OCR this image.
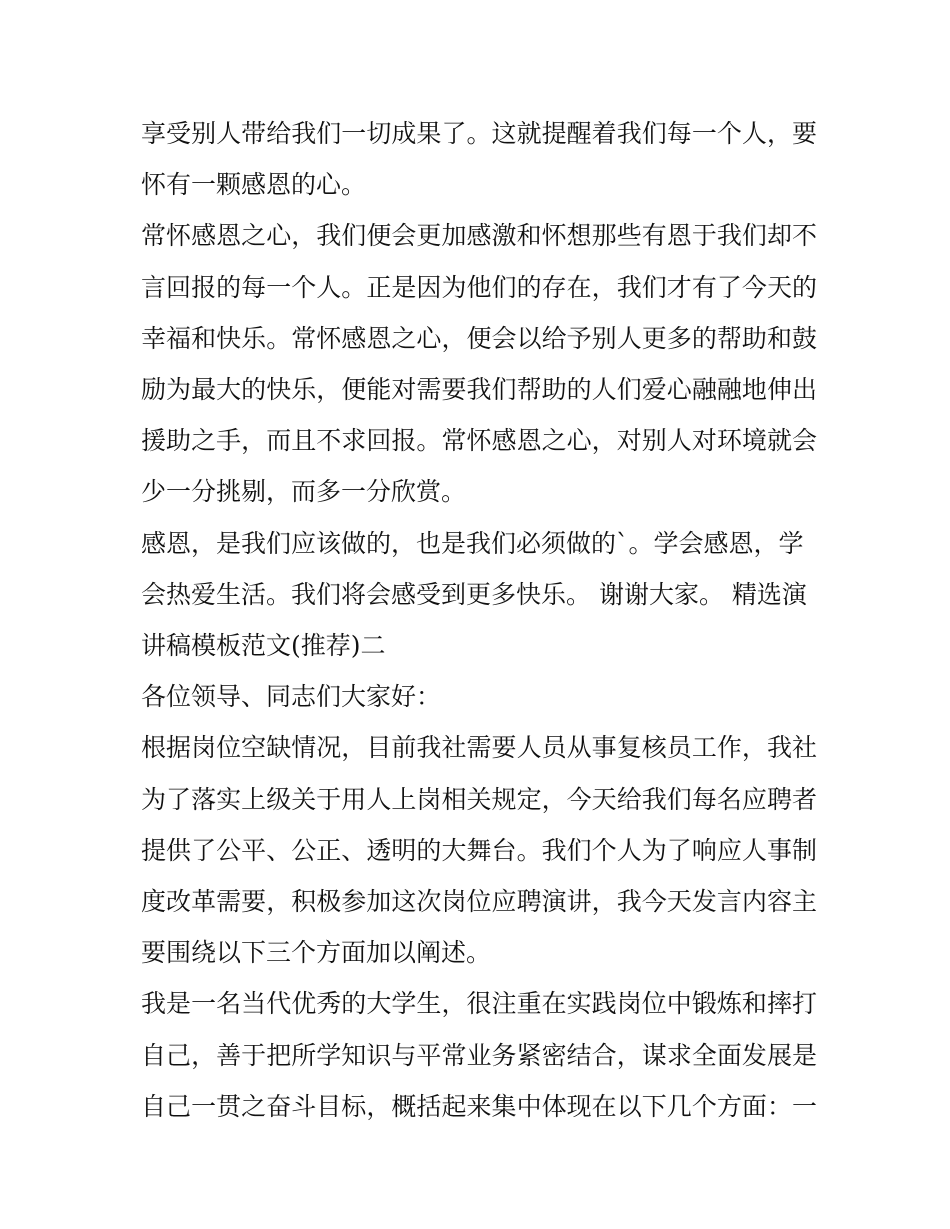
享受别人带给我们一切成果了。这就提醒着我们每一个人，要
怀有一颗感恩的心。
常怀感恩之心，我们便会更加感激和怀想那些有恩于我们却不
言回报的每一个人。正是因为他们的存在，我们才有了今天的
幸福和快乐。常怀感恩之心，便会以给予别人更多的帮助和鼓
励为最大的快乐，便能对需要我们帮助的人们爱心融融地伸出
援助之手，而且不求回报。常怀感恩之心，对别人对环境就会
少一分挑剔，而多一分欣赏。
感恩，是我们应该做的，也是我们必须做的`。学会感恩，学
会热爱生活。我们将会感受到更多快乐。 谢谢大家。 精选演
讲稿模板范文(推荐)二
各位领导、同志们大家好：
根据岗位空缺情况，目前我社需要人员从事复核员工作，我社
为了落实上级关于用人上岗相关规定，今天给我们每名应聘者
提供了公平、公正、透明的大舞台。我们个人为了响应人事制
度改革需要，积极参加这次岗位应聘演讲，我今天发言内容主
要围绕以下三个方面加以阐述。
我是一名当代优秀的大学生，很注重在实践岗位中锻炼和摔打
自己，善于把所学知识与平常业务紧密结合，谋求全面发展是
自己一贯之奋斗目标，概括起来集中体现在以下几个方面：一
